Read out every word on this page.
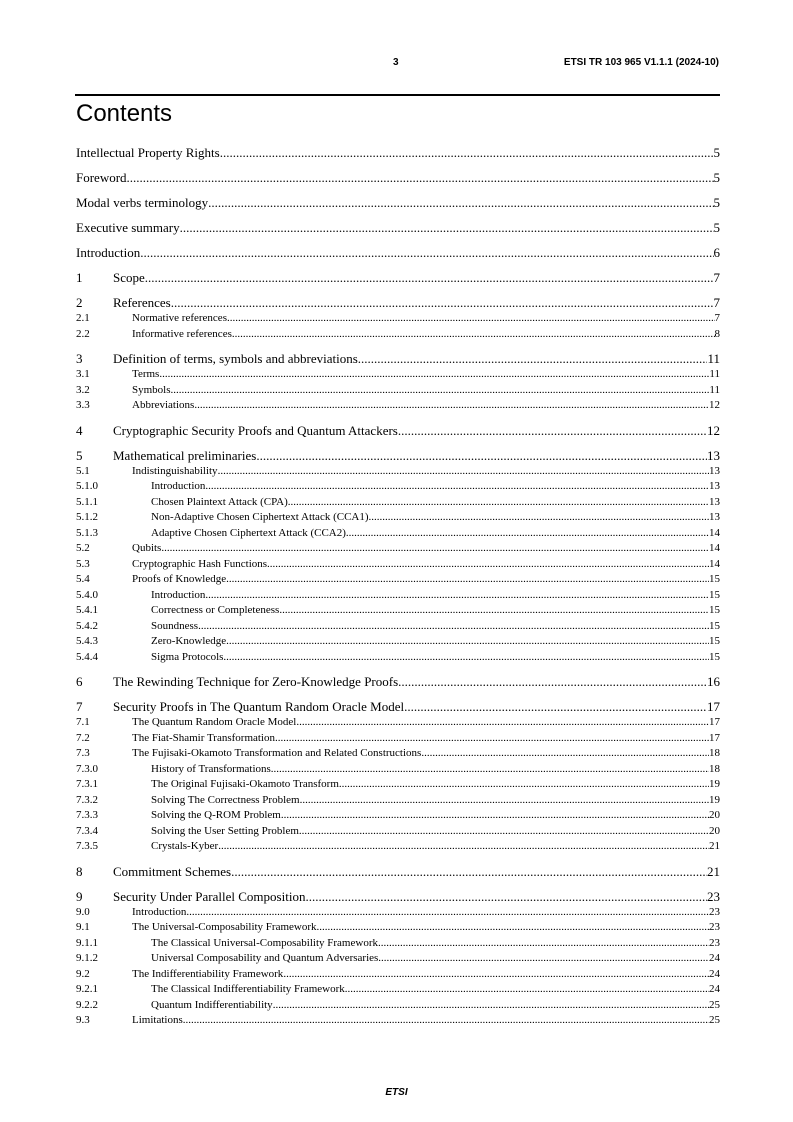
3	ETSI TR 103 965 V1.1.1 (2024-10)
Contents
Intellectual Property Rights .....	5
Foreword .....	5
Modal verbs terminology .....	5
Executive summary .....	5
Introduction .....	6
1	Scope .....	7
2	References .....	7
2.1	Normative references .....	7
2.2	Informative references .....	8
3	Definition of terms, symbols and abbreviations .....	11
3.1	Terms .....	11
3.2	Symbols .....	11
3.3	Abbreviations .....	12
4	Cryptographic Security Proofs and Quantum Attackers .....	12
5	Mathematical preliminaries .....	13
5.1	Indistinguishability .....	13
5.1.0	Introduction .....	13
5.1.1	Chosen Plaintext Attack (CPA) .....	13
5.1.2	Non-Adaptive Chosen Ciphertext Attack (CCA1) .....	13
5.1.3	Adaptive Chosen Ciphertext Attack (CCA2) .....	14
5.2	Qubits .....	14
5.3	Cryptographic Hash Functions .....	14
5.4	Proofs of Knowledge .....	15
5.4.0	Introduction .....	15
5.4.1	Correctness or Completeness .....	15
5.4.2	Soundness .....	15
5.4.3	Zero-Knowledge .....	15
5.4.4	Sigma Protocols .....	15
6	The Rewinding Technique for Zero-Knowledge Proofs .....	16
7	Security Proofs in The Quantum Random Oracle Model .....	17
7.1	The Quantum Random Oracle Model .....	17
7.2	The Fiat-Shamir Transformation .....	17
7.3	The Fujisaki-Okamoto Transformation and Related Constructions .....	18
7.3.0	History of Transformations .....	18
7.3.1	The Original Fujisaki-Okamoto Transform .....	19
7.3.2	Solving The Correctness Problem .....	19
7.3.3	Solving the Q-ROM Problem .....	20
7.3.4	Solving the User Setting Problem .....	20
7.3.5	Crystals-Kyber .....	21
8	Commitment Schemes .....	21
9	Security Under Parallel Composition .....	23
9.0	Introduction .....	23
9.1	The Universal-Composability Framework .....	23
9.1.1	The Classical Universal-Composability Framework .....	23
9.1.2	Universal Composability and Quantum Adversaries .....	24
9.2	The Indifferentiability Framework .....	24
9.2.1	The Classical Indifferentiability Framework .....	24
9.2.2	Quantum Indifferentiability .....	25
9.3	Limitations .....	25
ETSI
